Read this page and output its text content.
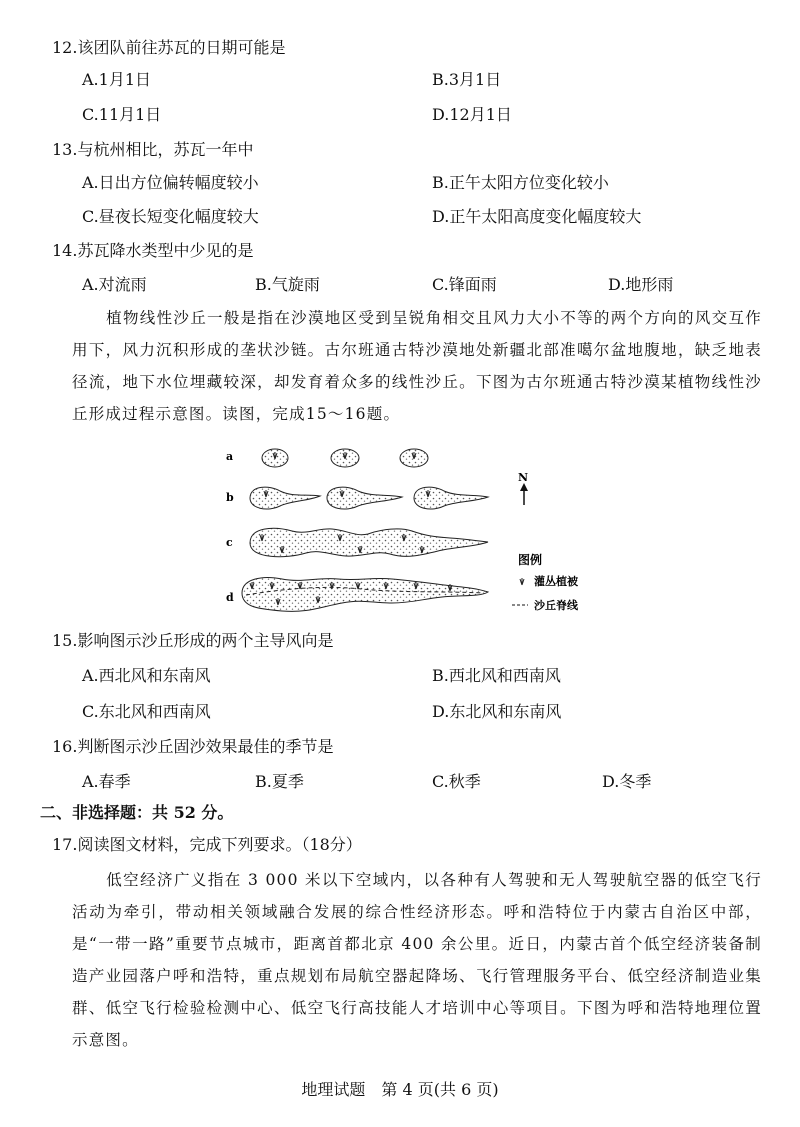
12.该团队前往苏瓦的日期可能是
A.1月1日	B.3月1日
C.11月1日	D.12月1日
13.与杭州相比，苏瓦一年中
A.日出方位偏转幅度较小	B.正午太阳方位变化较小
C.昼夜长短变化幅度较大	D.正午太阳高度变化幅度较大
14.苏瓦降水类型中少见的是
A.对流雨	B.气旋雨	C.锋面雨	D.地形雨
植物线性沙丘一般是指在沙漠地区受到呈锐角相交且风力大小不等的两个方向的风交互作用下，风力沉积形成的垄状沙链。古尔班通古特沙漠地处新疆北部准噶尔盆地腹地，缺乏地表径流，地下水位埋藏较深，却发育着众多的线性沙丘。下图为古尔班通古特沙漠某植物线性沙丘形成过程示意图。读图，完成15～16题。
a
b
c
d
N
图例
灌丛植被
沙丘脊线
15.影响图示沙丘形成的两个主导风向是
A.西北风和东南风	B.西北风和西南风
C.东北风和西南风	D.东北风和东南风
16.判断图示沙丘固沙效果最佳的季节是
A.春季	B.夏季	C.秋季	D.冬季
二、非选择题：共 52 分。
17.阅读图文材料，完成下列要求。（18分）
低空经济广义指在 3 000 米以下空域内，以各种有人驾驶和无人驾驶航空器的低空飞行活动为牵引，带动相关领域融合发展的综合性经济形态。呼和浩特位于内蒙古自治区中部，是“一带一路”重要节点城市，距离首都北京 400 余公里。近日，内蒙古首个低空经济装备制造产业园落户呼和浩特，重点规划布局航空器起降场、飞行管理服务平台、低空经济制造业集群、低空飞行检验检测中心、低空飞行高技能人才培训中心等项目。下图为呼和浩特地理位置示意图。
地理试题　第 4 页(共 6 页)
